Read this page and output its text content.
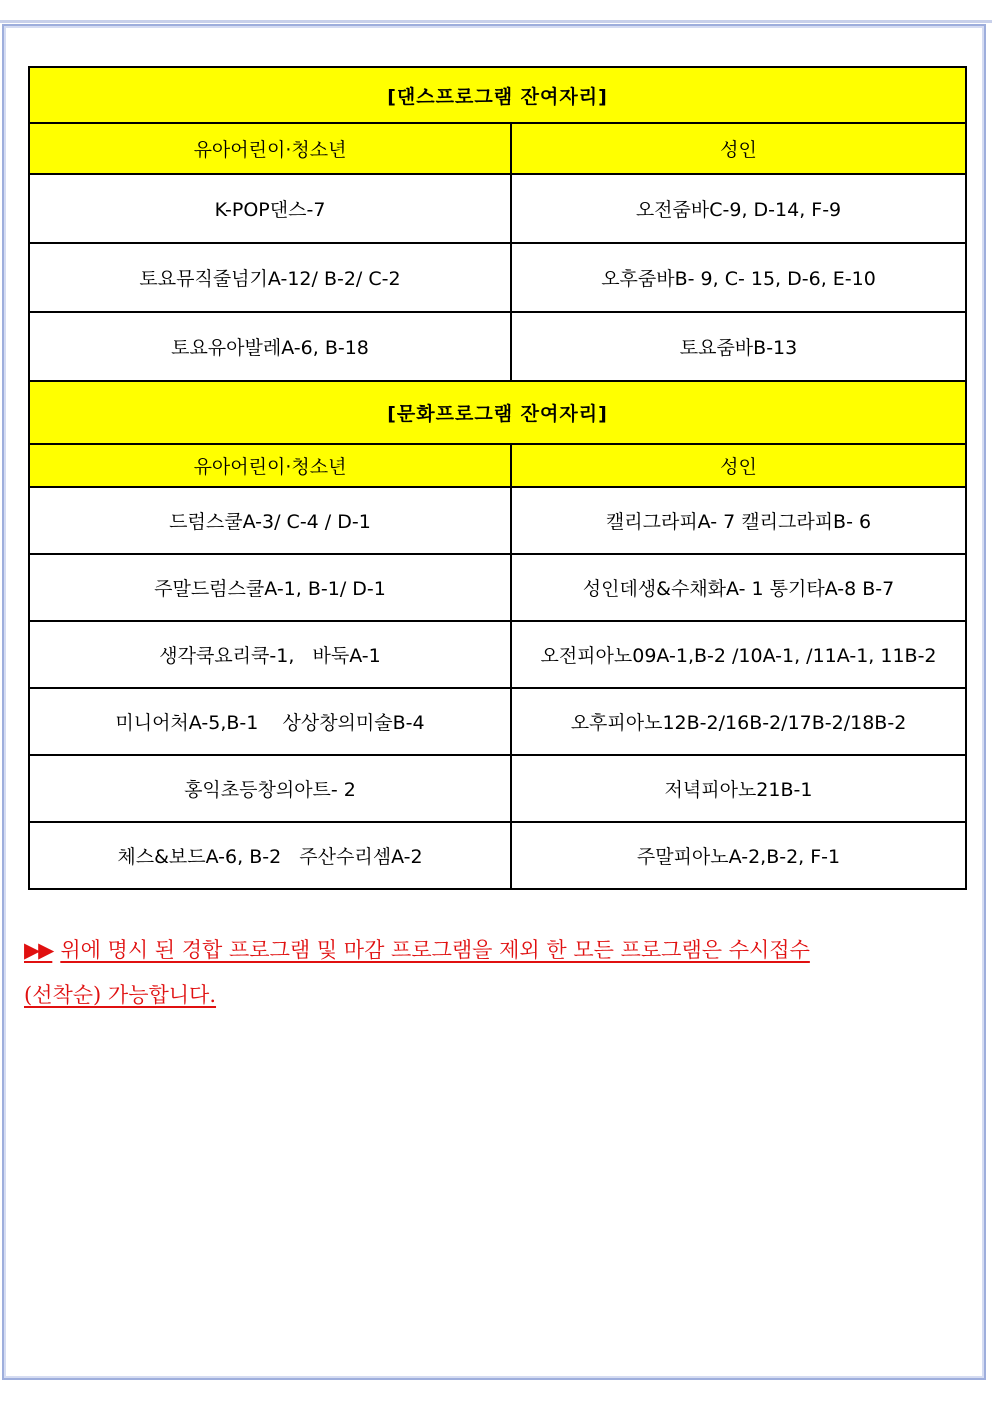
[댄스프로그램 잔여자리]	
유아어린이·청소년	성인
K-POP댄스-7	오전줌바C-9, D-14, F-9
토요뮤직줄넘기A-12/ B-2/ C-2	오후줌바B- 9, C- 15, D-6, E-10
토요유아발레A-6, B-18	토요줌바B-13
[문화프로그램 잔여자리]	
유아어린이·청소년	성인
드럼스쿨A-3/ C-4 / D-1	캘리그라피A- 7 캘리그라피B- 6
주말드럼스쿨A-1, B-1/ D-1	성인데생&수채화A- 1 통기타A-8 B-7
생각쿡요리쿡-1,   바둑A-1	오전피아노09A-1,B-2 /10A-1, /11A-1, 11B-2
미니어처A-5,B-1    상상창의미술B-4	오후피아노12B-2/16B-2/17B-2/18B-2
홍익초등창의아트- 2	저녁피아노21B-1
체스&보드A-6, B-2   주산수리셈A-2	주말피아노A-2,B-2, F-1
▶▶ 위에 명시 된 경합 프로그램 및 마감 프로그램을 제외 한 모든 프로그램은 수시접수
(선착순) 가능합니다.
